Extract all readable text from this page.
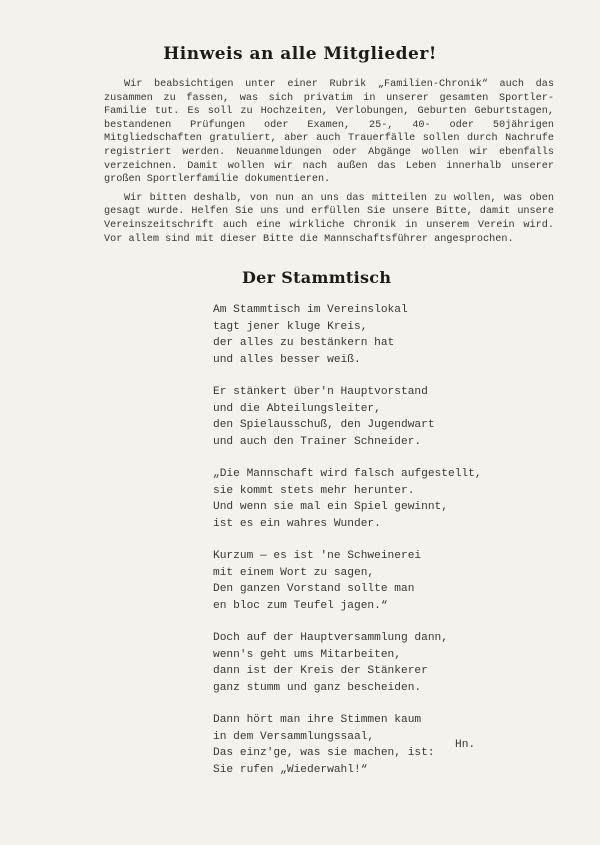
Hinweis an alle Mitglieder!

Wir beabsichtigen unter einer Rubrik „Familien-Chronik“ auch das zusammen zu fassen, was sich privatim in unserer gesamten Sportler-Familie tut. Es soll zu Hochzeiten, Verlobungen, Geburten Geburtstagen, bestandenen Prüfungen oder Examen, 25-, 40- oder 50jährigen Mitgliedschaften gratuliert, aber auch Trauerfälle sollen durch Nachrufe registriert werden. Neuanmeldungen oder Abgänge wollen wir ebenfalls verzeichnen. Damit wollen wir nach außen das Leben innerhalb unserer großen Sportlerfamilie dokumentieren.

Wir bitten deshalb, von nun an uns das mitteilen zu wollen, was oben gesagt wurde. Helfen Sie uns und erfüllen Sie unsere Bitte, damit unsere Vereinszeitschrift auch eine wirkliche Chronik in unserem Verein wird. Vor allem sind mit dieser Bitte die Mannschaftsführer angesprochen.

Der Stammtisch
Am Stammtisch im Vereinslokal
tagt jener kluge Kreis,
der alles zu bestänkern hat
und alles besser weiß.
Er stänkert über'n Hauptvorstand
und die Abteilungsleiter,
den Spielausschuß, den Jugendwart
und auch den Trainer Schneider.
„Die Mannschaft wird falsch aufgestellt,
sie kommt stets mehr herunter.
Und wenn sie mal ein Spiel gewinnt,
ist es ein wahres Wunder.
Kurzum — es ist 'ne Schweinerei
mit einem Wort zu sagen,
Den ganzen Vorstand sollte man
en bloc zum Teufel jagen.“
Doch auf der Hauptversammlung dann,
wenn's geht ums Mitarbeiten,
dann ist der Kreis der Stänkerer
ganz stumm und ganz bescheiden.
Dann hört man ihre Stimmen kaum
in dem Versammlungssaal,
Das einz'ge, was sie machen, ist:
Sie rufen „Wiederwahl!“
Hn.
